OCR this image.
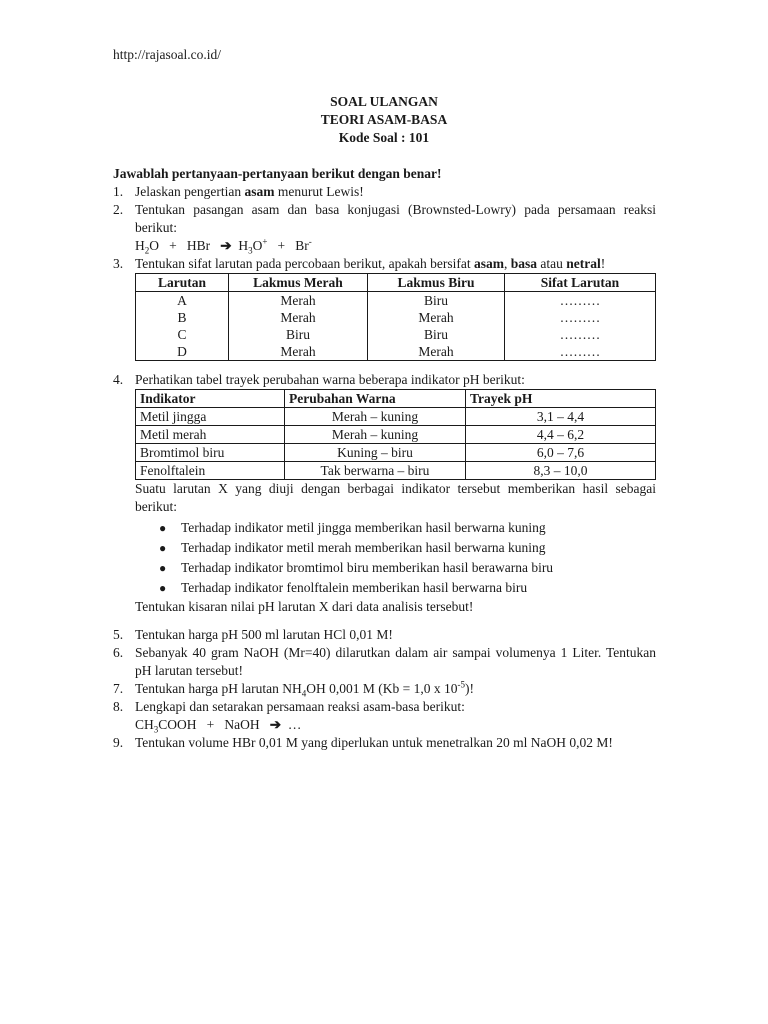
http://rajasoal.co.id/
SOAL ULANGAN
TEORI ASAM-BASA
Kode Soal : 101
Jawablah pertanyaan-pertanyaan berikut dengan benar!
1. Jelaskan pengertian asam menurut Lewis!
2. Tentukan pasangan asam dan basa konjugasi (Brownsted-Lowry) pada persamaan reaksi berikut:
$H_2O$ + HBr ➔ $H_3O^+ + Br^-$
3. Tentukan sifat larutan pada percobaan berikut, apakah bersifat asam, basa atau netral!
Larutan	Lakmus Merah	Lakmus Biru	Sifat Larutan
A	Merah	Biru	………
B	Merah	Merah	………
C	Biru	Biru	………
D	Merah	Merah	………
4. Perhatikan tabel trayek perubahan warna beberapa indikator pH berikut:
Indikator	Perubahan Warna	Trayek pH
Metil jingga	Merah – kuning	3,1 – 4,4
Metil merah	Merah – kuning	4,4 – 6,2
Bromtimol biru	Kuning – biru	6,0 – 7,6
Fenolftalein	Tak berwarna – biru	8,3 – 10,0
Suatu larutan X yang diuji dengan berbagai indikator tersebut memberikan hasil sebagai berikut:
● Terhadap indikator metil jingga memberikan hasil berwarna kuning
● Terhadap indikator metil merah memberikan hasil berwarna kuning
● Terhadap indikator bromtimol biru memberikan hasil berawarna biru
● Terhadap indikator fenolftalein memberikan hasil berwarna biru
Tentukan kisaran nilai pH larutan X dari data analisis tersebut!
5. Tentukan harga pH 500 ml larutan HCl 0,01 M!
6. Sebanyak 40 gram NaOH (Mr=40) dilarutkan dalam air sampai volumenya 1 Liter. Tentukan pH larutan tersebut!
7. Tentukan harga pH larutan $NH_4OH$ 0,001 M (Kb = 1,0 x $10^{-5}$)!
8. Lengkapi dan setarakan persamaan reaksi asam-basa berikut:
$CH_3COOH$ + NaOH ➔ …
9. Tentukan volume HBr 0,01 M yang diperlukan untuk menetralkan 20 ml NaOH 0,02 M!
